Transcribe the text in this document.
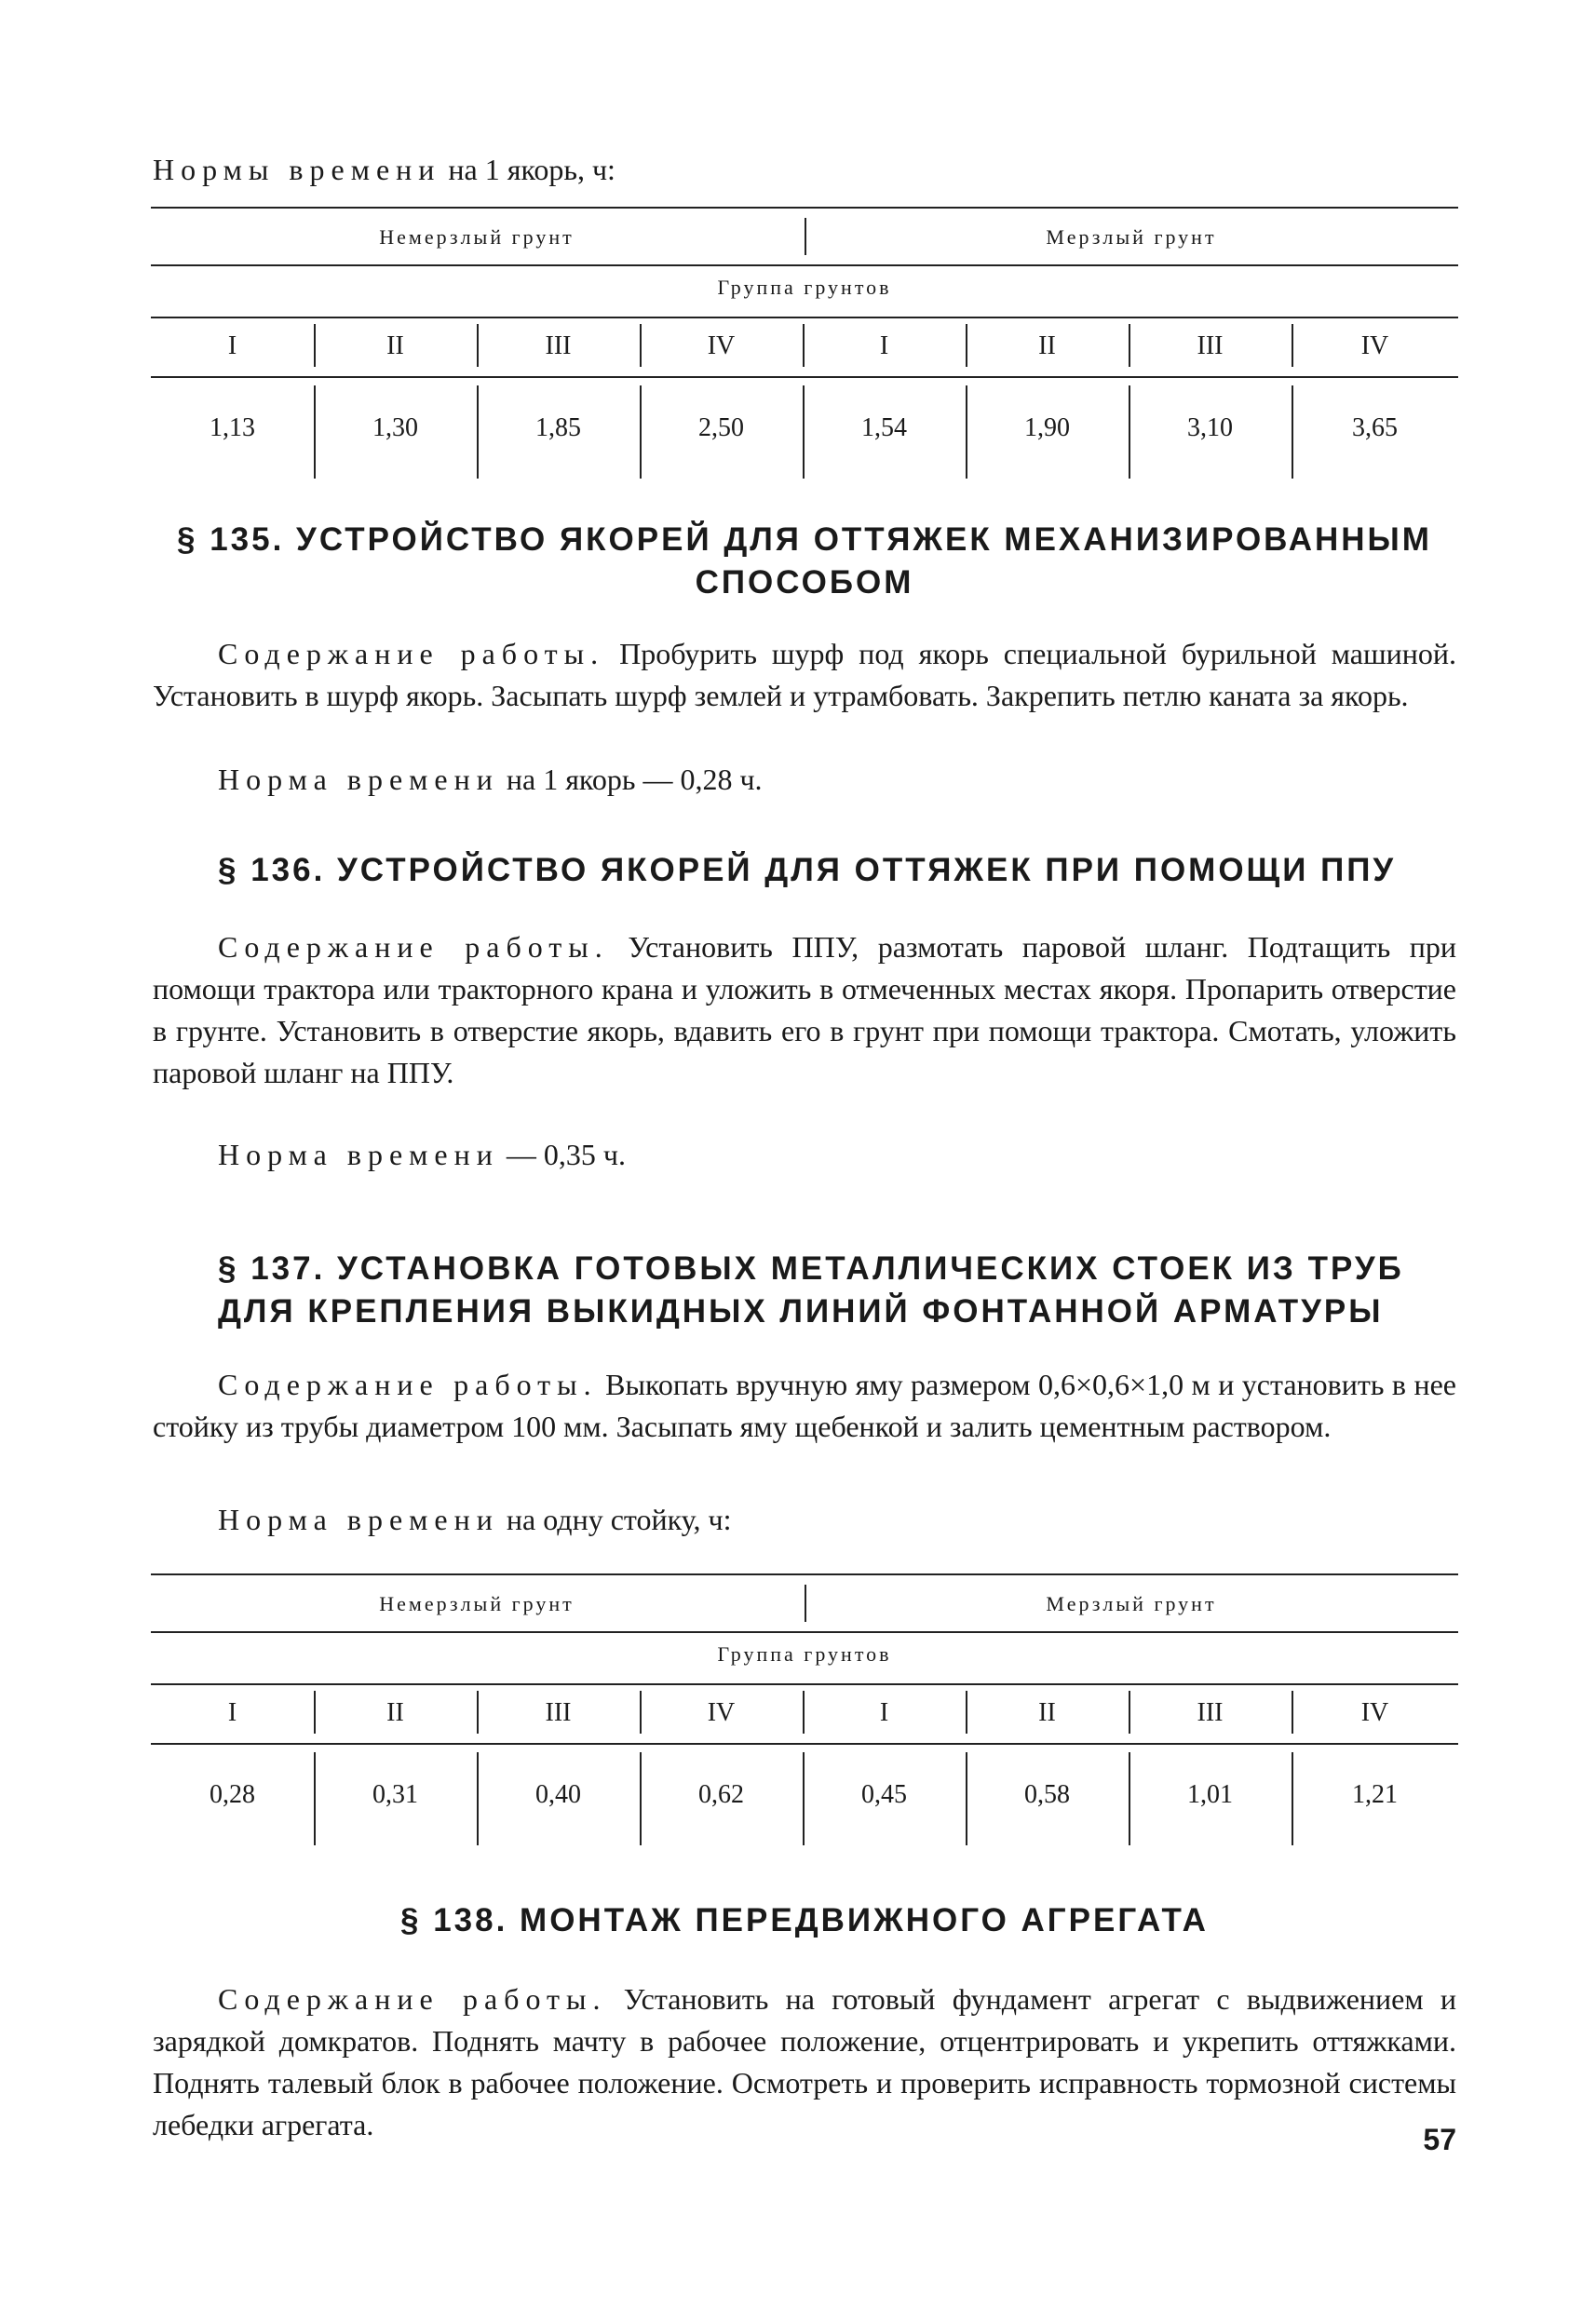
Нормы времени на 1 якорь, ч:

Немерзлый грунт	Мерзлый грунт
Группа грунтов
I	II	III	IV	I	II	III	IV
1,13	1,30	1,85	2,50	1,54	1,90	3,10	3,65
§ 135. УСТРОЙСТВО ЯКОРЕЙ ДЛЯ ОТТЯЖЕК МЕХАНИЗИРОВАННЫМ
СПОСОБОМ

Содержание работы. Пробурить шурф под якорь специальной бурильной машиной. Установить в шурф якорь. Засыпать шурф землей и утрамбовать. Закрепить петлю каната за якорь.

Норма времени на 1 якорь — 0,28 ч.

§ 136. УСТРОЙСТВО ЯКОРЕЙ ДЛЯ ОТТЯЖЕК ПРИ ПОМОЩИ ППУ

Содержание работы. Установить ППУ, размотать паровой шланг. Подтащить при помощи трактора или тракторного крана и уложить в отмеченных местах якоря. Пропарить отверстие в грунте. Установить в отверстие якорь, вдавить его в грунт при помощи трактора. Смотать, уложить паровой шланг на ППУ.

Норма времени — 0,35 ч.

§ 137. УСТАНОВКА ГОТОВЫХ МЕТАЛЛИЧЕСКИХ СТОЕК ИЗ ТРУБ
ДЛЯ КРЕПЛЕНИЯ ВЫКИДНЫХ ЛИНИЙ ФОНТАННОЙ АРМАТУРЫ

Содержание работы. Выкопать вручную яму размером 0,6×0,6×1,0 м и установить в нее стойку из трубы диаметром 100 мм. Засыпать яму щебенкой и залить цементным раствором.

Норма времени на одну стойку, ч:

Немерзлый грунт	Мерзлый грунт
Группа грунтов
I	II	III	IV	I	II	III	IV
0,28	0,31	0,40	0,62	0,45	0,58	1,01	1,21
§ 138. МОНТАЖ ПЕРЕДВИЖНОГО АГРЕГАТА

Содержание работы. Установить на готовый фундамент агрегат с выдвижением и зарядкой домкратов. Поднять мачту в рабочее положение, отцентрировать и укрепить оттяжками. Поднять талевый блок в рабочее положение. Осмотреть и проверить исправность тормозной системы лебедки агрегата.	57
